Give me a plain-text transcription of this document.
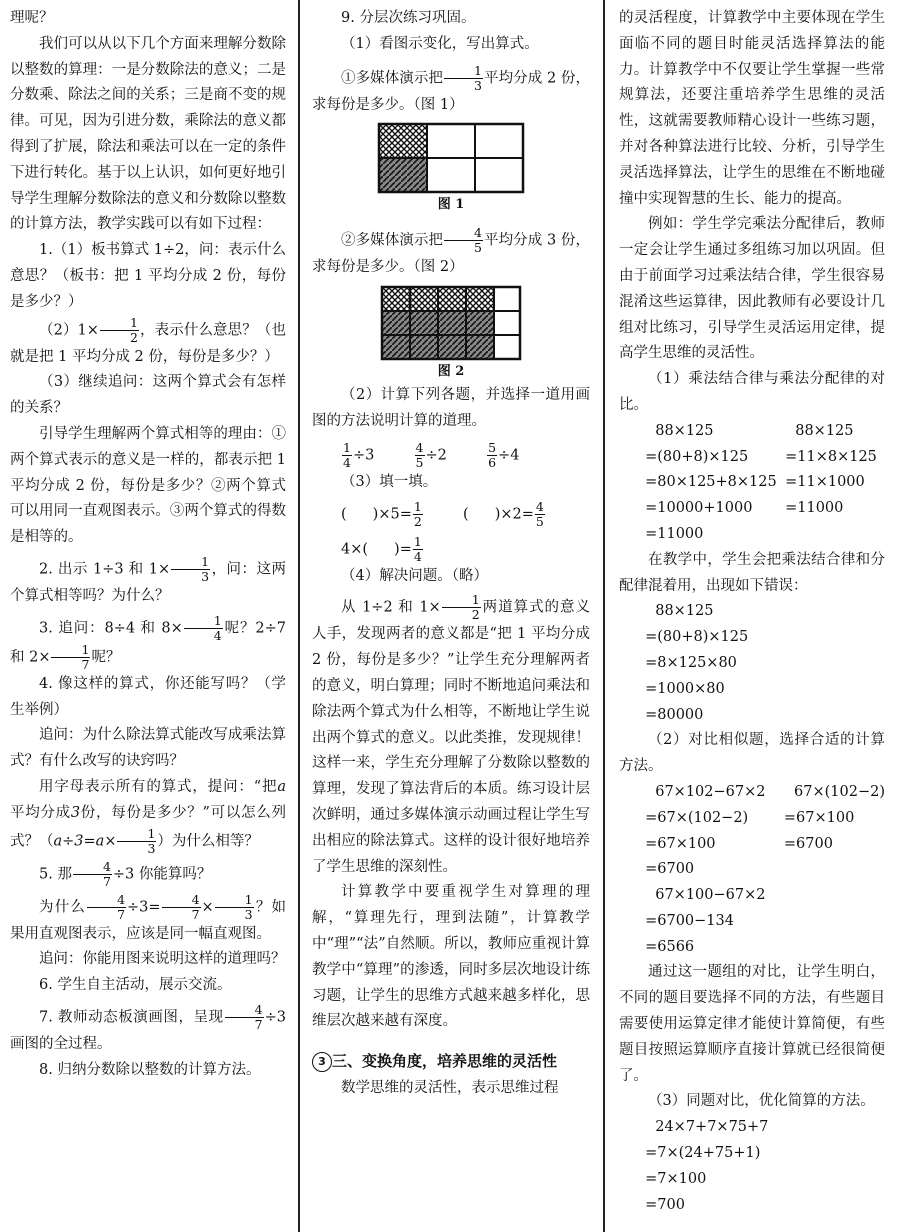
理呢？

我们可以从以下几个方面来理解分数除以整数的算理：一是分数除法的意义；二是分数乘、除法之间的关系；三是商不变的规律。可见，因为引进分数，乘除法的意义都得到了扩展，除法和乘法可以在一定的条件下进行转化。基于以上认识，如何更好地引导学生理解分数除法的意义和分数除以整数的计算方法，教学实践可以有如下过程：

1.（1）板书算式 1÷2，问：表示什么意思？（板书：把 1 平均分成 2 份，每份是多少？）

$(2)1\times \frac{1}{2}$ ，表示什么意思？（也就是把 1 平均分成 2 份，每份是多少？）

（3）继续追问：这两个算式会有怎样的关系？

引导学生理解两个算式相等的理由：①两个算式表示的意义是一样的，都表示把 1 平均分成 2 份，每份是多少？②两个算式可以用同一直观图表示。③两个算式的得数是相等的。

2. 出示 1÷3 和 $1\times \frac{1}{3}$ ，问：这两个算式相等吗？为什么？

3. 追问：8÷4 和 $8\times \frac{1}{4}$ 呢？2÷7 和 $2\times \frac{1}{7}$ 呢？

4. 像这样的算式，你还能写吗？（学生举例）

追问：为什么除法算式能改写成乘法算式？有什么改写的诀窍吗？

用字母表示所有的算式，提问：“把a平均分成3份，每份是多少？”可以怎么列式？（$a\div 3=a\times \frac{1}{3}$ ）为什么相等？

5. 那 $\frac{4}{7} \div 3$ 你能算吗？

为什么 $\frac{4}{7} \div 3= \frac{4}{7} \times \frac{1}{3}$ ？如果用直观图表示，应该是同一幅直观图。

追问：你能用图来说明这样的道理吗？

6. 学生自主活动，展示交流。

7. 教师动态板演画图，呈现 $\frac{4}{7} \div 3$ 画图的全过程。

8. 归纳分数除以整数的计算方法。

9. 分层次练习巩固。

（1）看图示变化，写出算式。

①多媒体演示把 $\frac{1}{3}$ 平均分成 2 份，求每份是多少。（图 1）

图 1

②多媒体演示把 $\frac{4}{5}$ 平均分成 3 份，求每份是多少。（图 2）

图 2

（2）计算下列各题，并选择一道用画图的方法说明计算的道理。

$\frac{1}{4} \div 3$	$\frac{4}{5} \div 2$	$\frac{5}{6} \div 4$

（3）填一填。

( )$\times 5= \frac{1}{2}$	( )$\times 2= \frac{4}{5}$

4×( )= $\frac{1}{4}$

（4）解决问题。（略）

从 1÷2 和 $1\times \frac{1}{2}$ 两道算式的意义人手，发现两者的意义都是“把 1 平均分成 2 份，每份是多少？”让学生充分理解两者的意义，明白算理；同时不断地追问乘法和除法两个算式为什么相等，不断地让学生说出两个算式的意义。以此类推，发现规律！这样一来，学生充分理解了分数除以整数的算理，发现了算法背后的本质。练习设计层次鲜明，通过多媒体演示动画过程让学生写出相应的除法算式。这样的设计很好地培养了学生思维的深刻性。

计算教学中要重视学生对算理的理解，“算理先行，理到法随”，计算教学中“理”“法”自然顺。所以，教师应重视计算教学中“算理”的渗透，同时多层次地设计练习题，让学生的思维方式越来越多样化，思维层次越来越有深度。

3 三、变换角度，培养思维的灵活性

数学思维的灵活性，表示思维过程

的灵活程度，计算教学中主要体现在学生面临不同的题目时能灵活选择算法的能力。计算教学中不仅要让学生掌握一些常规算法，还要注重培养学生思维的灵活性，这就需要教师精心设计一些练习题，并对各种算法进行比较、分析，引导学生灵活选择算法，让学生的思维在不断地碰撞中实现智慧的生长、能力的提高。

例如：学生学完乘法分配律后，教师一定会让学生通过多组练习加以巩固。但由于前面学习过乘法结合律，学生很容易混淆这些运算律，因此教师有必要设计几组对比练习，引导学生灵活运用定律，提高学生思维的灵活性。

（1）乘法结合律与乘法分配律的对比。

88×125
=(80+8)×125
=80×125+8×125
=10000+1000
=11000
88×125
=11×8×125
=11×1000
=11000

在教学中，学生会把乘法结合律和分配律混着用，出现如下错误：

88×125
=(80+8)×125
=8×125×80
=1000×80
=80000

（2）对比相似题，选择合适的计算方法。

67×102−67×2
=67×(102−2)
=67×100
=6700
67×(102−2)
=67×100
=6700
67×100−67×2
=6700−134
=6566

通过这一题组的对比，让学生明白，不同的题目要选择不同的方法，有些题目需要使用运算定律才能使计算简便，有些题目按照运算顺序直接计算就已经很简便了。

（3）同题对比，优化简算的方法。

24×7+7×75+7
=7×(24+75+1)
=7×100
=700
